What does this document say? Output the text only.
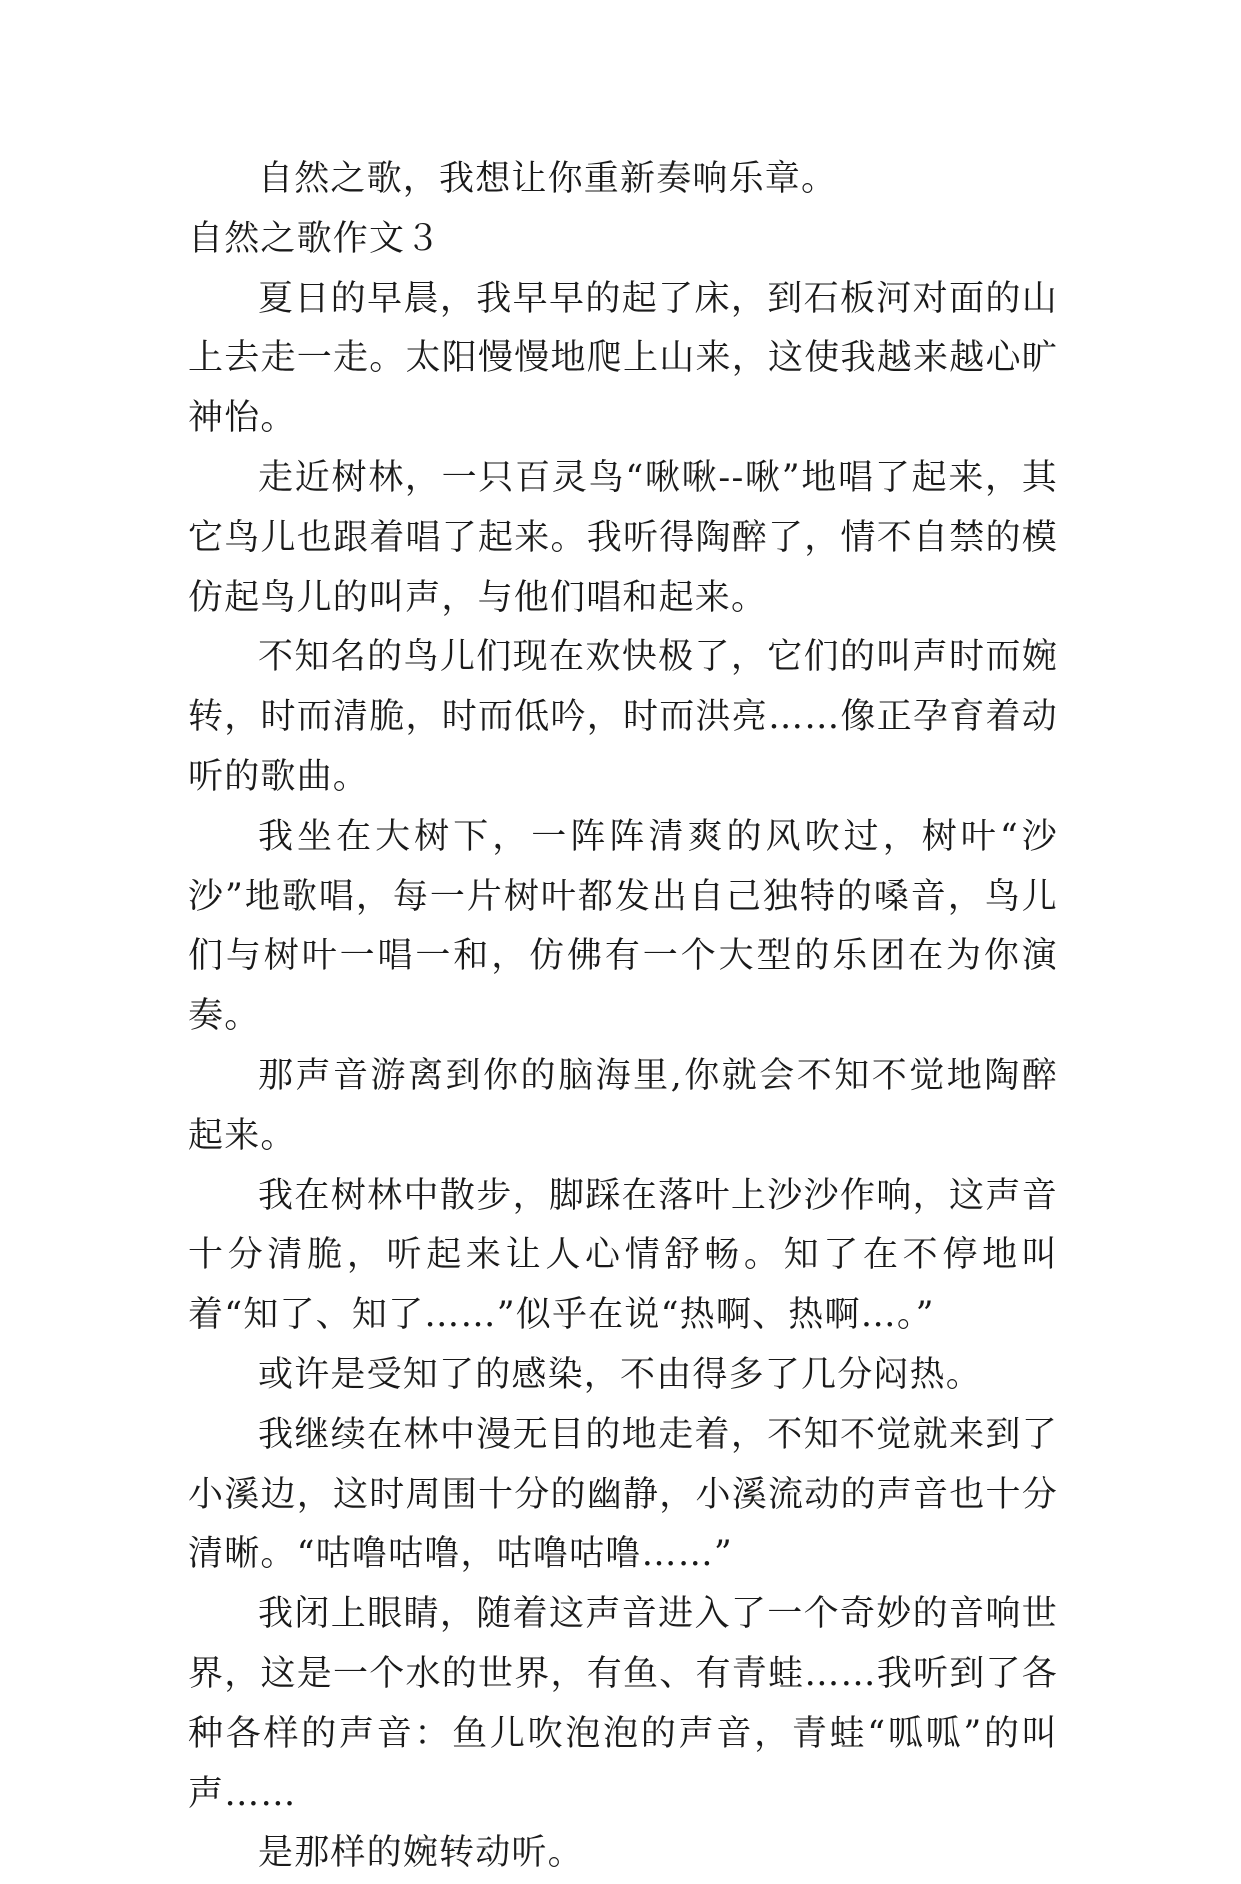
自然之歌，我想让你重新奏响乐章。

自然之歌作文３

夏日的早晨，我早早的起了床，到石板河对面的山上去走一走。太阳慢慢地爬上山来，这使我越来越心旷神怡。

走近树林，一只百灵鸟“啾啾--啾”地唱了起来，其它鸟儿也跟着唱了起来。我听得陶醉了，情不自禁的模仿起鸟儿的叫声，与他们唱和起来。

不知名的鸟儿们现在欢快极了，它们的叫声时而婉转，时而清脆，时而低吟，时而洪亮……像正孕育着动听的歌曲。

我坐在大树下，一阵阵清爽的风吹过，树叶“沙沙”地歌唱，每一片树叶都发出自己独特的嗓音，鸟儿们与树叶一唱一和，仿佛有一个大型的乐团在为你演奏。

那声音游离到你的脑海里,你就会不知不觉地陶醉起来。

我在树林中散步，脚踩在落叶上沙沙作响，这声音十分清脆，听起来让人心情舒畅。知了在不停地叫着“知了、知了……”似乎在说“热啊、热啊…。”

或许是受知了的感染，不由得多了几分闷热。

我继续在林中漫无目的地走着，不知不觉就来到了小溪边，这时周围十分的幽静，小溪流动的声音也十分清晰。“咕噜咕噜，咕噜咕噜……”

我闭上眼睛，随着这声音进入了一个奇妙的音响世界，这是一个水的世界，有鱼、有青蛙……我听到了各种各样的声音：鱼儿吹泡泡的声音，青蛙“呱呱”的叫声……

是那样的婉转动听。
